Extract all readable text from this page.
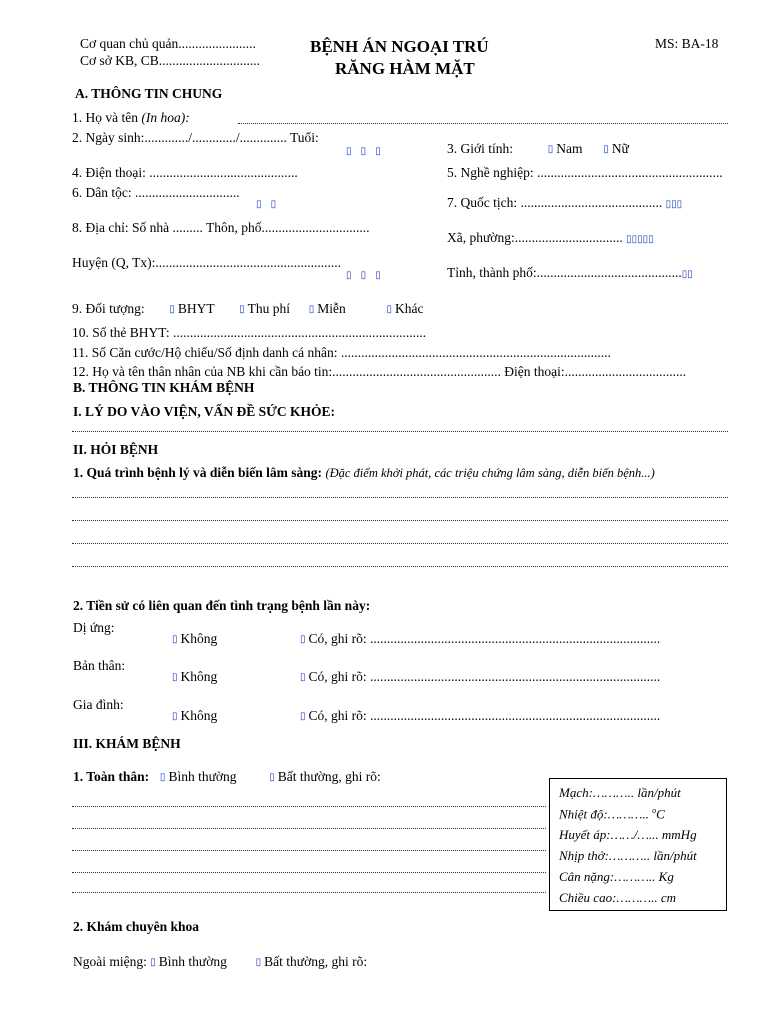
Cơ quan chủ quản.......................
Cơ sở KB, CB..............................
BỆNH ÁN NGOẠI TRÚ
RĂNG HÀM MẶT
MS: BA-18
A. THÔNG TIN CHUNG
1. Họ và tên (In hoa):
2. Ngày sinh:............./............./.............. Tuổi:
▯ ▯ ▯	3. Giới tính:	▯ Nam ▯ Nữ
4. Điện thoại: ............................................	5. Nghề nghiệp: .......................................................
6. Dân tộc: ...............................
▯ ▯	7. Quốc tịch: .......................................... ▯▯▯
8. Địa chỉ: Số nhà ......... Thôn, phố................................
Xã, phường:................................ ▯▯▯▯▯
Huyện (Q, Tx):.......................................................
▯ ▯ ▯	Tỉnh, thành phố:...........................................▯▯
9. Đối tượng: ▯ BHYT ▯ Thu phí ▯ Miễn	▯ Khác
10. Số thẻ BHYT: ...........................................................................
11. Số Căn cước/Hộ chiếu/Số định danh cá nhân: ................................................................................
12. Họ và tên thân nhân của NB khi cần báo tin:.................................................. Điện thoại:....................................
B. THÔNG TIN KHÁM BỆNH
I. LÝ DO VÀO VIỆN, VẤN ĐỀ SỨC KHỎE:
II. HỎI BỆNH
1. Quá trình bệnh lý và diễn biến lâm sàng: (Đặc điểm khởi phát, các triệu chứng lâm sàng, diễn biến bệnh...)
2. Tiền sử có liên quan đến tình trạng bệnh lần này:
Dị ứng:
▯ Không	▯ Có, ghi rõ: ......................................................................................
Bản thân:
▯ Không	▯ Có, ghi rõ: ......................................................................................
Gia đình:
▯ Không	▯ Có, ghi rõ: ......................................................................................
III. KHÁM BỆNH
1. Toàn thân: ▯ Bình thường	▯ Bất thường, ghi rõ:
Mạch:……….. lần/phút
Nhiệt độ:……….. $^o$C
Huyết áp:……/…... mmHg
Nhịp thở:……….. lần/phút
Cân nặng:……….. Kg
Chiều cao:……….. cm
2. Khám chuyên khoa
Ngoài miệng: ▯ Bình thường	▯ Bất thường, ghi rõ:
